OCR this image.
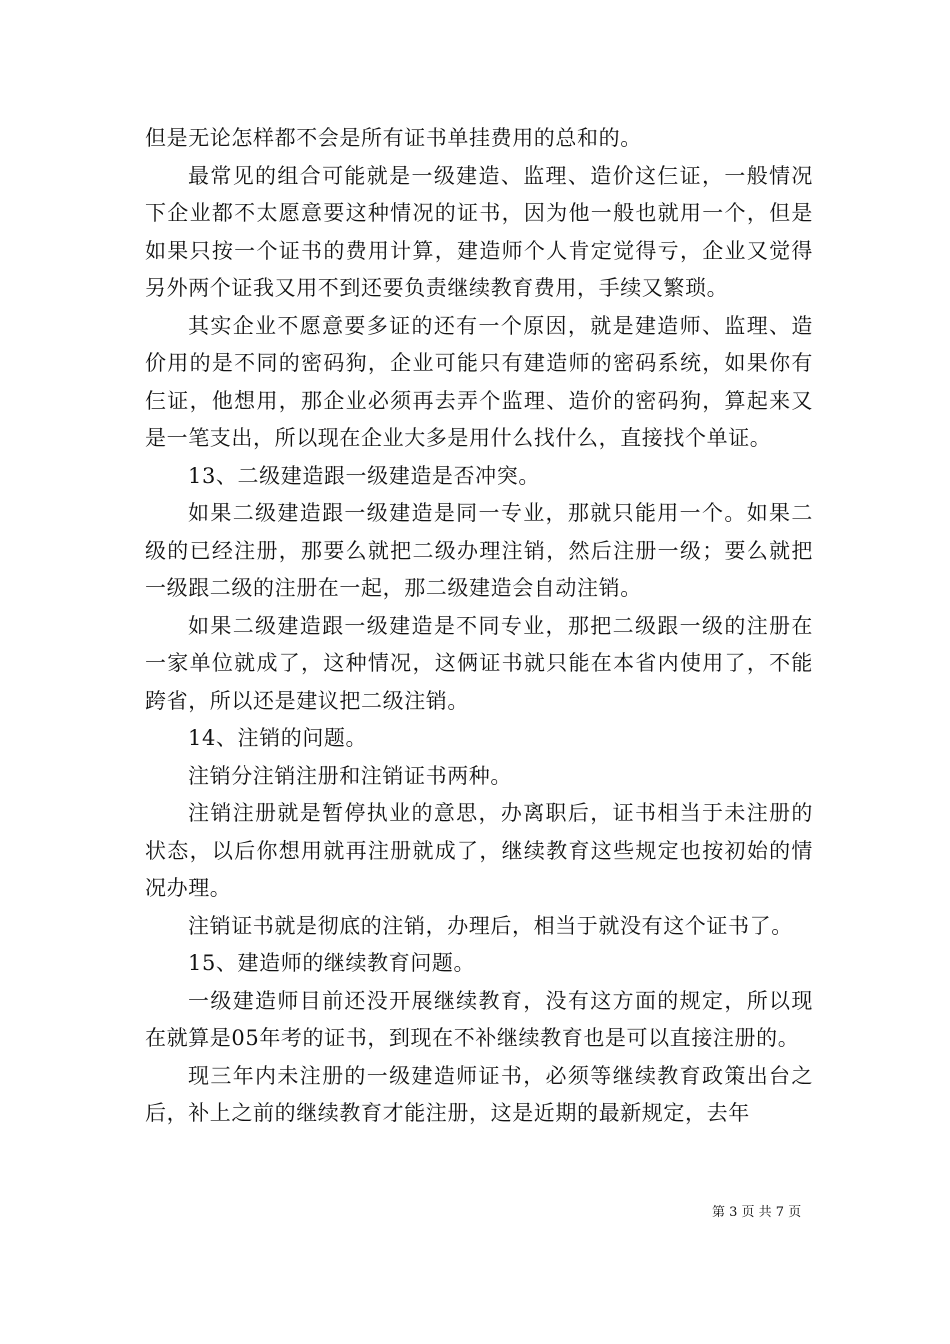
但是无论怎样都不会是所有证书单挂费用的总和的。

最常见的组合可能就是一级建造、监理、造价这仨证，一般情况下企业都不太愿意要这种情况的证书，因为他一般也就用一个，但是如果只按一个证书的费用计算，建造师个人肯定觉得亏，企业又觉得另外两个证我又用不到还要负责继续教育费用，手续又繁琐。

其实企业不愿意要多证的还有一个原因，就是建造师、监理、造价用的是不同的密码狗，企业可能只有建造师的密码系统，如果你有仨证，他想用，那企业必须再去弄个监理、造价的密码狗，算起来又是一笔支出，所以现在企业大多是用什么找什么，直接找个单证。

13、二级建造跟一级建造是否冲突。

如果二级建造跟一级建造是同一专业，那就只能用一个。如果二级的已经注册，那要么就把二级办理注销，然后注册一级；要么就把一级跟二级的注册在一起，那二级建造会自动注销。

如果二级建造跟一级建造是不同专业，那把二级跟一级的注册在一家单位就成了，这种情况，这俩证书就只能在本省内使用了，不能跨省，所以还是建议把二级注销。

14、注销的问题。

注销分注销注册和注销证书两种。

注销注册就是暂停执业的意思，办离职后，证书相当于未注册的状态，以后你想用就再注册就成了，继续教育这些规定也按初始的情况办理。

注销证书就是彻底的注销，办理后，相当于就没有这个证书了。

15、建造师的继续教育问题。

一级建造师目前还没开展继续教育，没有这方面的规定，所以现在就算是05年考的证书，到现在不补继续教育也是可以直接注册的。

现三年内未注册的一级建造师证书，必须等继续教育政策出台之后，补上之前的继续教育才能注册，这是近期的最新规定，去年

第 3 页 共 7 页
